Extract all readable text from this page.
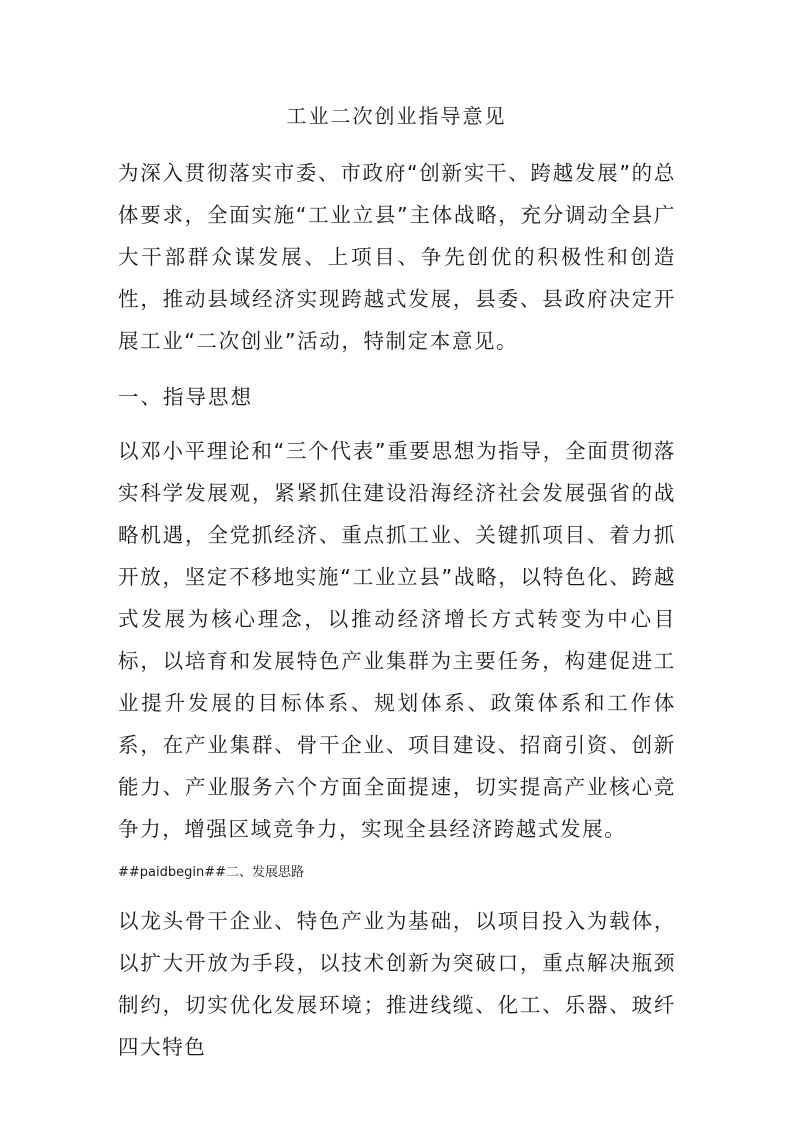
工业二次创业指导意见

为深入贯彻落实市委、市政府“创新实干、跨越发展”的总体要求，全面实施“工业立县”主体战略，充分调动全县广大干部群众谋发展、上项目、争先创优的积极性和创造性，推动县域经济实现跨越式发展，县委、县政府决定开展工业“二次创业”活动，特制定本意见。

一、指导思想

以邓小平理论和“三个代表”重要思想为指导，全面贯彻落实科学发展观，紧紧抓住建设沿海经济社会发展强省的战略机遇，全党抓经济、重点抓工业、关键抓项目、着力抓开放，坚定不移地实施“工业立县”战略，以特色化、跨越式发展为核心理念，以推动经济增长方式转变为中心目标，以培育和发展特色产业集群为主要任务，构建促进工业提升发展的目标体系、规划体系、政策体系和工作体系，在产业集群、骨干企业、项目建设、招商引资、创新能力、产业服务六个方面全面提速，切实提高产业核心竞争力，增强区域竞争力，实现全县经济跨越式发展。

##paidbegin##二、发展思路

以龙头骨干企业、特色产业为基础，以项目投入为载体，以扩大开放为手段，以技术创新为突破口，重点解决瓶颈制约，切实优化发展环境；推进线缆、化工、乐器、玻纤四大特色
